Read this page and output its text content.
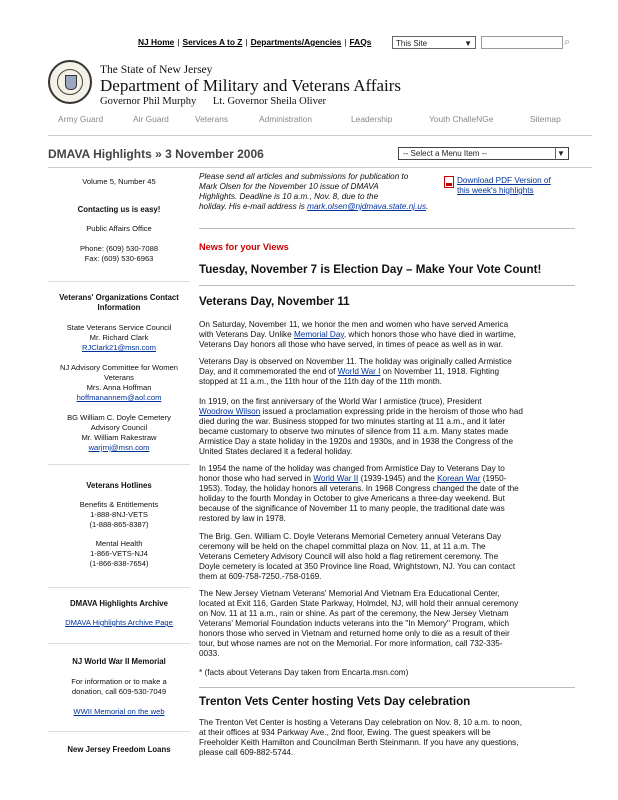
NJ Home | Services A to Z | Departments/Agencies | FAQs	This Site	▼	⌕
The State of New Jersey
Department of Military and Veterans Affairs
Governor Phil Murphy Lt. Governor Sheila Oliver
Army Guard	Air Guard	Veterans	Administration	Leadership	Youth ChalleNGe	Sitemap
DMAVA Highlights » 3 November 2006	-- Select a Menu Item --	▼
Volume 5, Number 45
Contacting us is easy!
Public Affairs Office
Phone: (609) 530-7088
Fax: (609) 530-6963
Veterans' Organizations Contact
Information
State Veterans Service Council
Mr. Richard Clark
RJClark21@msn.com
NJ Advisory Committee for Women
Veterans
Mrs. Anna Hoffman
hoffmanannem@aol.com
BG William C. Doyle Cemetery
Advisory Council
Mr. William Rakestraw
warjrnj@msn.com
Veterans Hotlines
Benefits & Entitlements
1-888-8NJ-VETS
(1-888-865-8387)
Mental Health
1-866-VETS-NJ4
(1-866-838-7654)
DMAVA Highlights Archive
DMAVA Highlights Archive Page
NJ World War II Memorial
For information or to make a
donation, call 609-530-7049
WWII Memorial on the web
New Jersey Freedom Loans
Please send all articles and submissions for publication to
Mark Olsen for the November 10 issue of DMAVA
Highlights. Deadline is 10 a.m., Nov. 8, due to the
holiday. His e-mail address is mark.olsen@njdmava.state.nj.us.
Download PDF Version of
this week's highlights
News for your Views
Tuesday, November 7 is Election Day – Make Your Vote Count!
Veterans Day, November 11
On Saturday, November 11, we honor the men and women who have served America
with Veterans Day. Unlike Memorial Day, which honors those who have died in wartime,
Veterans Day honors all those who have served, in times of peace as well as in war.
Veterans Day is observed on November 11. The holiday was originally called Armistice
Day, and it commemorated the end of World War I on November 11, 1918. Fighting
stopped at 11 a.m., the 11th hour of the 11th day of the 11th month.
In 1919, on the first anniversary of the World War I armistice (truce), President
Woodrow Wilson issued a proclamation expressing pride in the heroism of those who had
died during the war. Business stopped for two minutes starting at 11 a.m., and it later
became customary to observe two minutes of silence from 11 a.m. Many states made
Armistice Day a state holiday in the 1920s and 1930s, and in 1938 the Congress of the
United States declared it a federal holiday.
In 1954 the name of the holiday was changed from Armistice Day to Veterans Day to
honor those who had served in World War II (1939-1945) and the Korean War (1950-
1953). Today, the holiday honors all veterans. In 1968 Congress changed the date of the
holiday to the fourth Monday in October to give Americans a three-day weekend. But
because of the significance of November 11 to many people, the traditional date was
restored by law in 1978.
The Brig. Gen. William C. Doyle Veterans Memorial Cemetery annual Veterans Day
ceremony will be held on the chapel committal plaza on Nov. 11, at 11 a.m. The
Veterans Cemetery Advisory Council will also hold a flag retirement ceremony. The
Doyle cemetery is located at 350 Province line Road, Wrightstown, NJ. You can contact
them at 609-758-7250.-758-0169.
The New Jersey Vietnam Veterans' Memorial And Vietnam Era Educational Center,
located at Exit 116, Garden State Parkway, Holmdel, NJ, will hold their annual ceremony
on Nov. 11 at 11 a.m., rain or shine. As part of the ceremony, the New Jersey Vietnam
Veterans' Memorial Foundation inducts veterans into the "In Memory" Program, which
honors those who served in Vietnam and returned home only to die as a result of their
tour, but whose names are not on the Memorial. For more information, call 732-335-
0033.
* (facts about Veterans Day taken from Encarta.msn.com)
Trenton Vets Center hosting Vets Day celebration
The Trenton Vet Center is hosting a Veterans Day celebration on Nov. 8, 10 a.m. to noon,
at their offices at 934 Parkway Ave., 2nd floor, Ewing. The guest speakers will be
Freeholder Keith Hamilton and Councilman Berth Steinmann. If you have any questions,
please call 609-882-5744.
